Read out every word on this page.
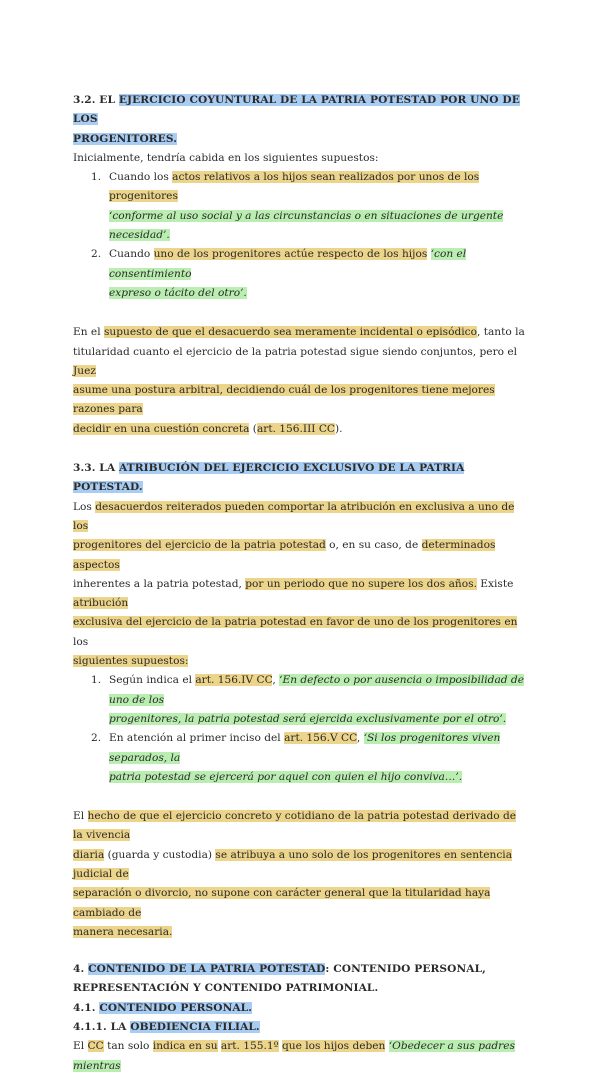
3.2. EL EJERCICIO COYUNTURAL DE LA PATRIA POTESTAD POR UNO DE LOS
PROGENITORES.

Inicialmente, tendría cabida en los siguientes supuestos:

1. Cuando los actos relativos a los hijos sean realizados por unos de los progenitores
‘conforme al uso social y a las circunstancias o en situaciones de urgente necesidad’.
2. Cuando uno de los progenitores actúe respecto de los hijos ‘con el consentimiento
expreso o tácito del otro’.

En el supuesto de que el desacuerdo sea meramente incidental o episódico, tanto la
titularidad cuanto el ejercicio de la patria potestad sigue siendo conjuntos, pero el Juez
asume una postura arbitral, decidiendo cuál de los progenitores tiene mejores razones para
decidir en una cuestión concreta (art. 156.III CC).

3.3. LA ATRIBUCIÓN DEL EJERCICIO EXCLUSIVO DE LA PATRIA POTESTAD.

Los desacuerdos reiterados pueden comportar la atribución en exclusiva a uno de los
progenitores del ejercicio de la patria potestad o, en su caso, de determinados aspectos
inherentes a la patria potestad, por un periodo que no supere los dos años. Existe atribución
exclusiva del ejercicio de la patria potestad en favor de uno de los progenitores en los
siguientes supuestos:

1. Según indica el art. 156.IV CC, ‘En defecto o por ausencia o imposibilidad de uno de los
progenitores, la patria potestad será ejercida exclusivamente por el otro’.
2. En atención al primer inciso del art. 156.V CC, ‘Si los progenitores viven separados, la
patria potestad se ejercerá por aquel con quien el hijo conviva…’.

El hecho de que el ejercicio concreto y cotidiano de la patria potestad derivado de la vivencia
diaria (guarda y custodia) se atribuya a uno solo de los progenitores en sentencia judicial de
separación o divorcio, no supone con carácter general que la titularidad haya cambiado de
manera necesaria.

4. CONTENIDO DE LA PATRIA POTESTAD: CONTENIDO PERSONAL,
REPRESENTACIÓN Y CONTENIDO PATRIMONIAL.

4.1. CONTENIDO PERSONAL.

4.1.1. LA OBEDIENCIA FILIAL.

El CC tan solo indica en su art. 155.1º que los hijos deben ‘Obedecer a sus padres mientras
